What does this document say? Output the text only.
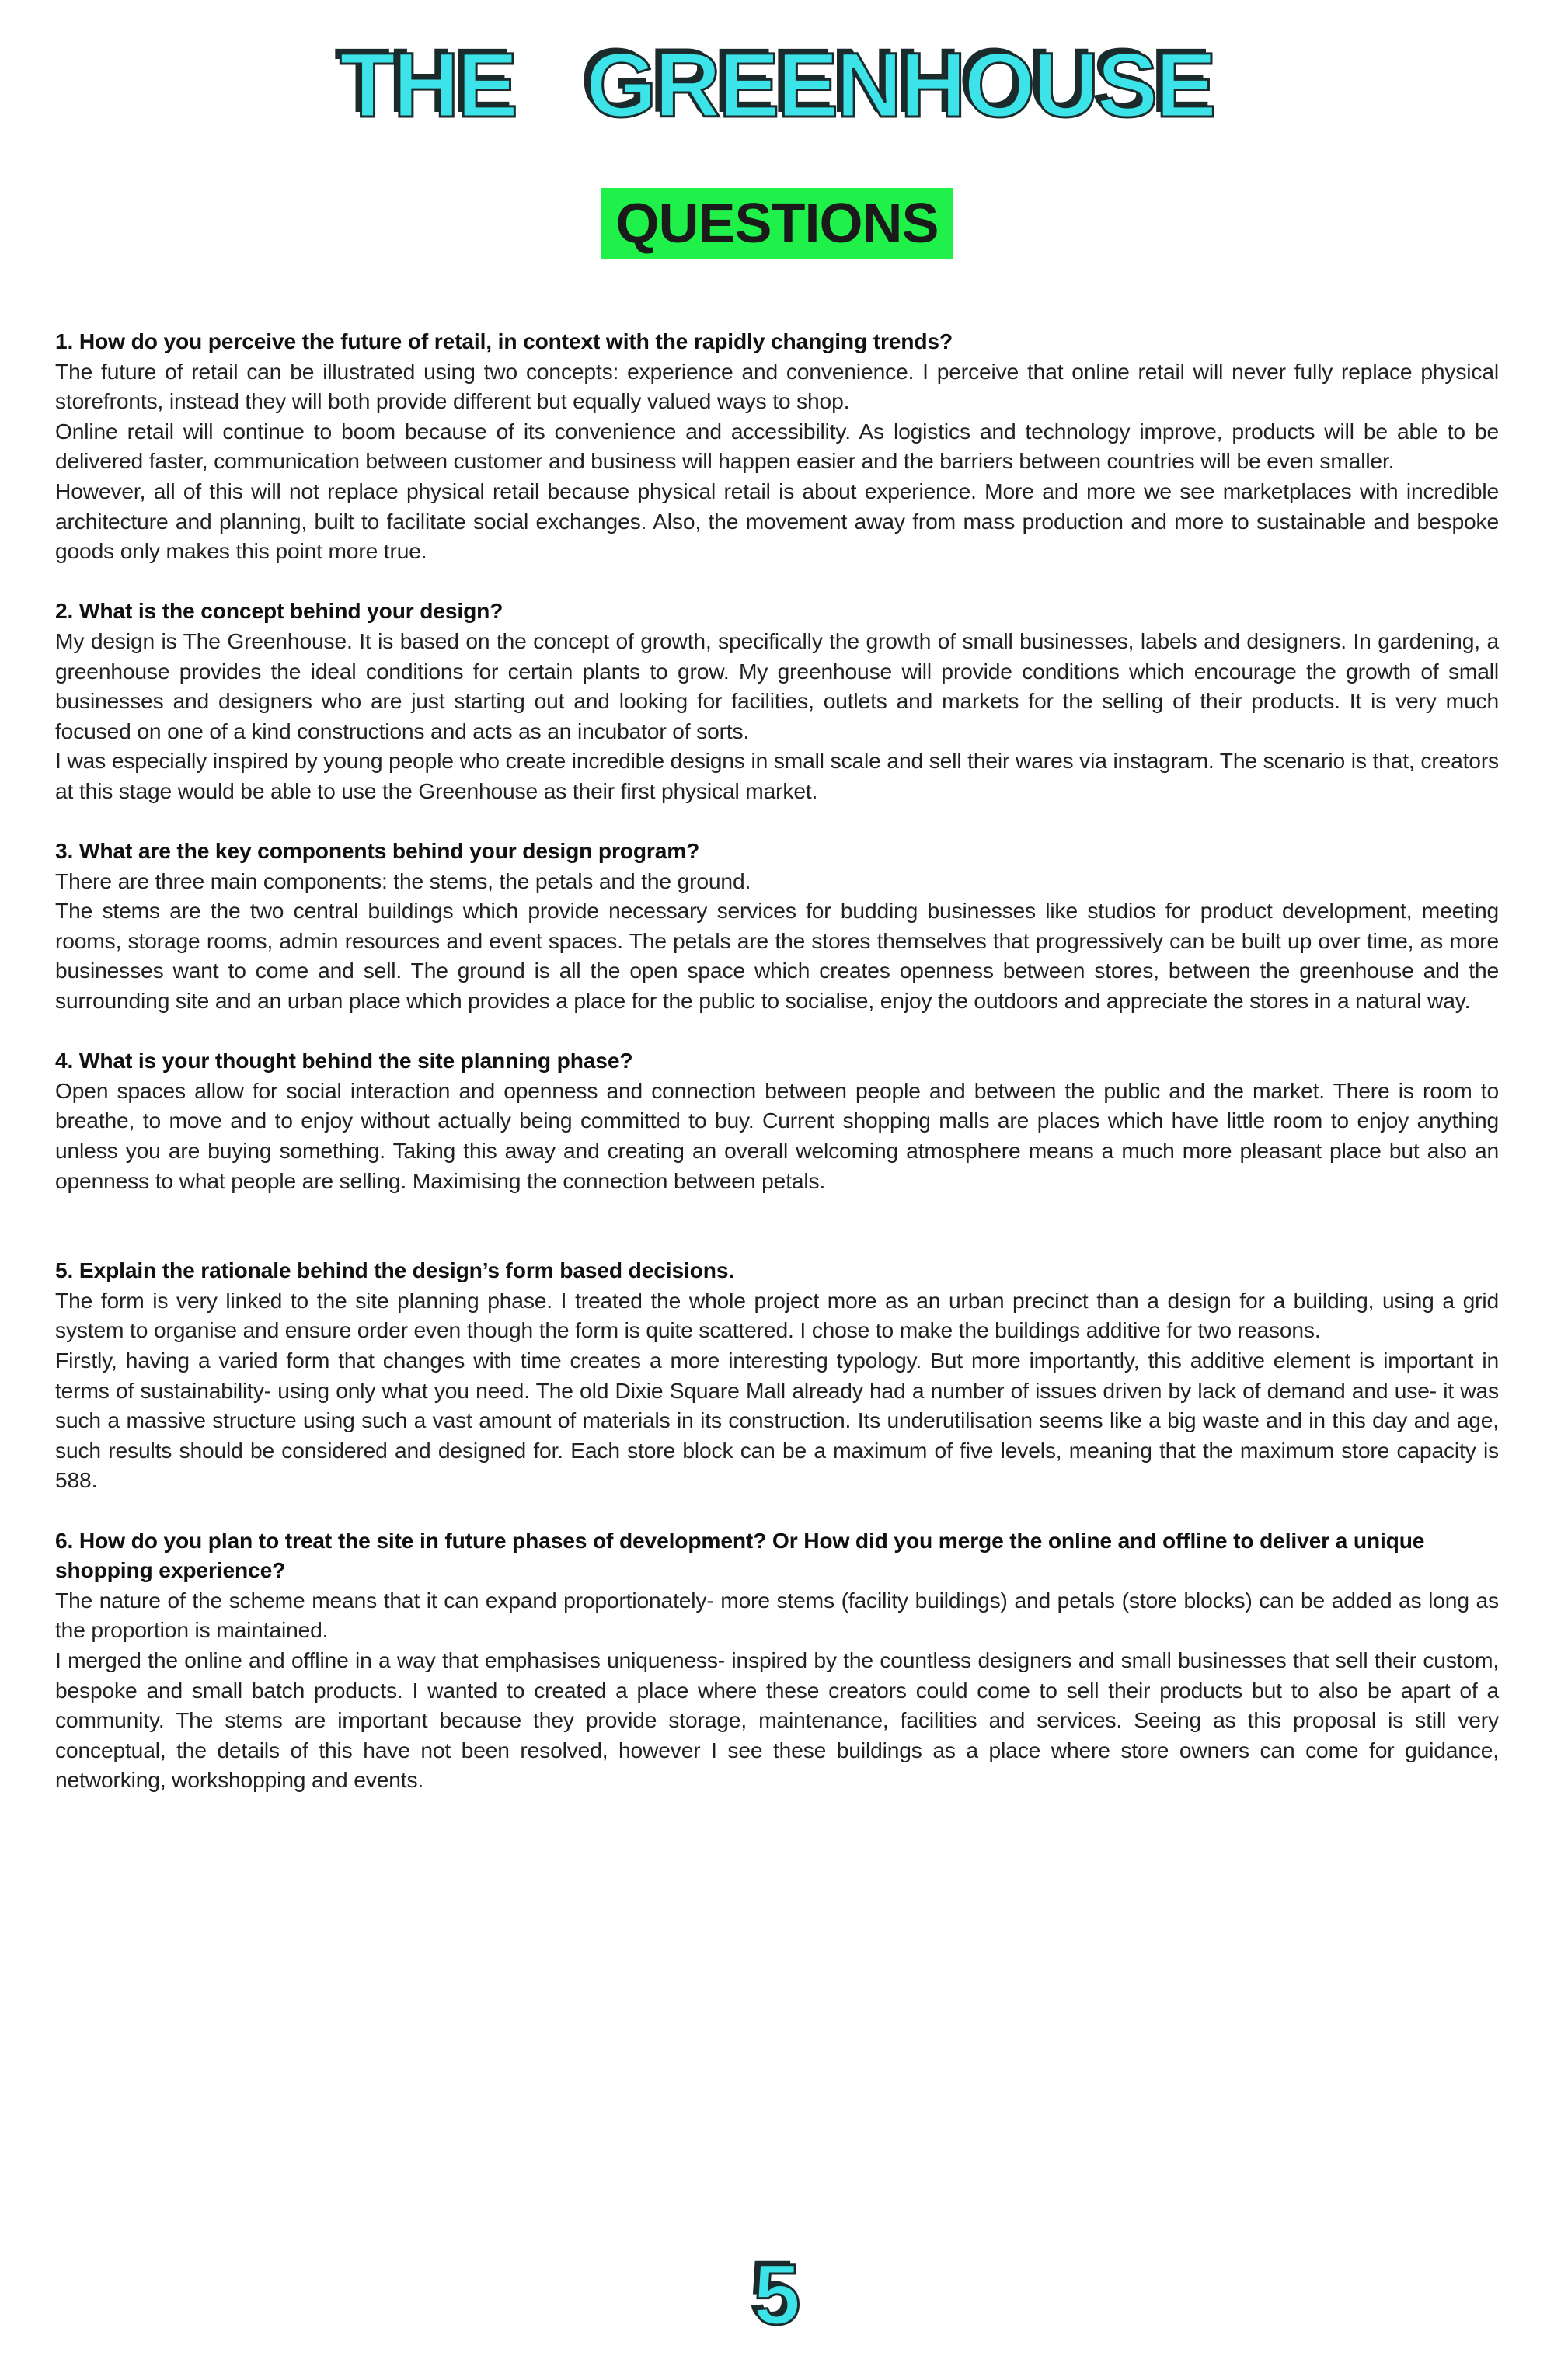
THE GREENHOUSE
QUESTIONS

1. How do you perceive the future of retail, in context with the rapidly changing trends?

The future of retail can be illustrated using two concepts: experience and convenience. I perceive that online retail will never fully replace physical storefronts, instead they will both provide different but equally valued ways to shop.

Online retail will continue to boom because of its convenience and accessibility. As logistics and technology improve, products will be able to be delivered faster, communication between customer and business will happen easier and the barriers between countries will be even smaller.

However, all of this will not replace physical retail because physical retail is about experience. More and more we see marketplaces with incredible architecture and planning, built to facilitate social exchanges. Also, the movement away from mass production and more to sustainable and bespoke goods only makes this point more true.

2. What is the concept behind your design?

My design is The Greenhouse. It is based on the concept of growth, specifically the growth of small businesses, labels and designers. In gardening, a greenhouse provides the ideal conditions for certain plants to grow. My greenhouse will provide conditions which encourage the growth of small businesses and designers who are just starting out and looking for facilities, outlets and markets for the selling of their products. It is very much focused on one of a kind constructions and acts as an incubator of sorts.

I was especially inspired by young people who create incredible designs in small scale and sell their wares via instagram. The scenario is that, creators at this stage would be able to use the Greenhouse as their first physical market.

3. What are the key components behind your design program?

There are three main components: the stems, the petals and the ground.

The stems are the two central buildings which provide necessary services for budding businesses like studios for product development, meeting rooms, storage rooms, admin resources and event spaces. The petals are the stores themselves that progressively can be built up over time, as more businesses want to come and sell. The ground is all the open space which creates openness between stores, between the greenhouse and the surrounding site and an urban place which provides a place for the public to socialise, enjoy the outdoors and appreciate the stores in a natural way.

4. What is your thought behind the site planning phase?

Open spaces allow for social interaction and openness and connection between people and between the public and the market. There is room to breathe, to move and to enjoy without actually being committed to buy. Current shopping malls are places which have little room to enjoy anything unless you are buying something. Taking this away and creating an overall welcoming atmosphere means a much more pleasant place but also an openness to what people are selling. Maximising the connection between petals.

5. Explain the rationale behind the design’s form based decisions.

The form is very linked to the site planning phase. I treated the whole project more as an urban precinct than a design for a building, using a grid system to organise and ensure order even though the form is quite scattered. I chose to make the buildings additive for two reasons.

Firstly, having a varied form that changes with time creates a more interesting typology. But more importantly, this additive element is important in terms of sustainability- using only what you need. The old Dixie Square Mall already had a number of issues driven by lack of demand and use- it was such a massive structure using such a vast amount of materials in its construction. Its underutilisation seems like a big waste and in this day and age, such results should be considered and designed for. Each store block can be a maximum of five levels, meaning that the maximum store capacity is 588.

6. How do you plan to treat the site in future phases of development? Or How did you merge the online and offline to deliver a unique shopping experience?

The nature of the scheme means that it can expand proportionately- more stems (facility buildings) and petals (store blocks) can be added as long as the proportion is maintained.

I merged the online and offline in a way that emphasises uniqueness- inspired by the countless designers and small businesses that sell their custom, bespoke and small batch products. I wanted to created a place where these creators could come to sell their products but to also be apart of a community. The stems are important because they provide storage, maintenance, facilities and services. Seeing as this proposal is still very conceptual, the details of this have not been resolved, however I see these buildings as a place where store owners can come for guidance, networking, workshopping and events.

5
